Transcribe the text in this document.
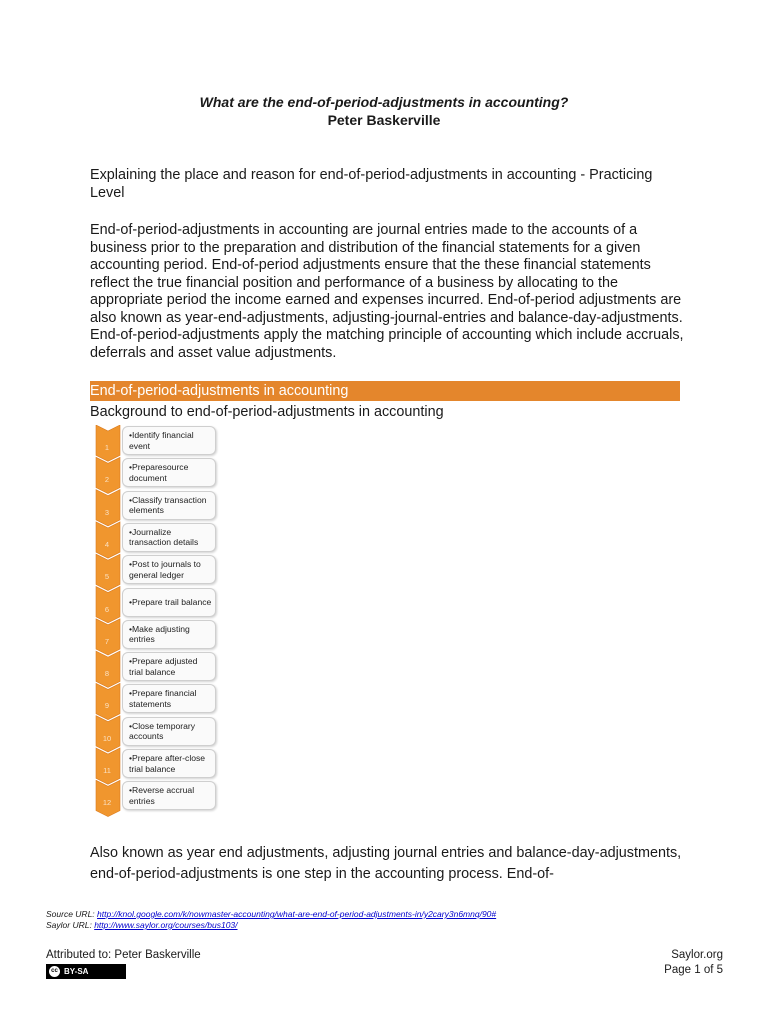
What are the end-of-period-adjustments in accounting?
Peter Baskerville
Explaining the place and reason for end-of-period-adjustments in accounting - Practicing Level
End-of-period-adjustments in accounting are journal entries made to the accounts of a business prior to the preparation and distribution of the financial statements for a given accounting period. End-of-period adjustments ensure that the these financial statements reflect the true financial position and performance of a business by allocating to the appropriate period the income earned and expenses incurred. End-of-period adjustments are also known as year-end-adjustments, adjusting-journal-entries and balance-day-adjustments. End-of-period-adjustments apply the matching principle of accounting which include accruals, deferrals and asset value adjustments.
End-of-period-adjustments in accounting
Background to end-of-period-adjustments in accounting
1
•Identify financial event
2
•Preparesource document
3
•Classify transaction elements
4
•Journalize transaction details
5
•Post to journals to general ledger
6
•Prepare trail balance
7
•Make adjusting entries
8
•Prepare adjusted trial balance
9
•Prepare financial statements
10
•Close temporary accounts
11
•Prepare after-close trial balance
12
•Reverse accrual entries
Also known as year end adjustments, adjusting journal entries and balance-day-adjustments, end-of-period-adjustments is one step in the accounting process. End-of-
Source URL: http://knol.google.com/k/nowmaster-accounting/what-are-end-of-period-adjustments-in/y2cary3n6mnq/90#
Saylor URL: http://www.saylor.org/courses/bus103/
Attributed to: Peter Baskerville
cc BY-SA
Saylor.org
Page 1 of 5
